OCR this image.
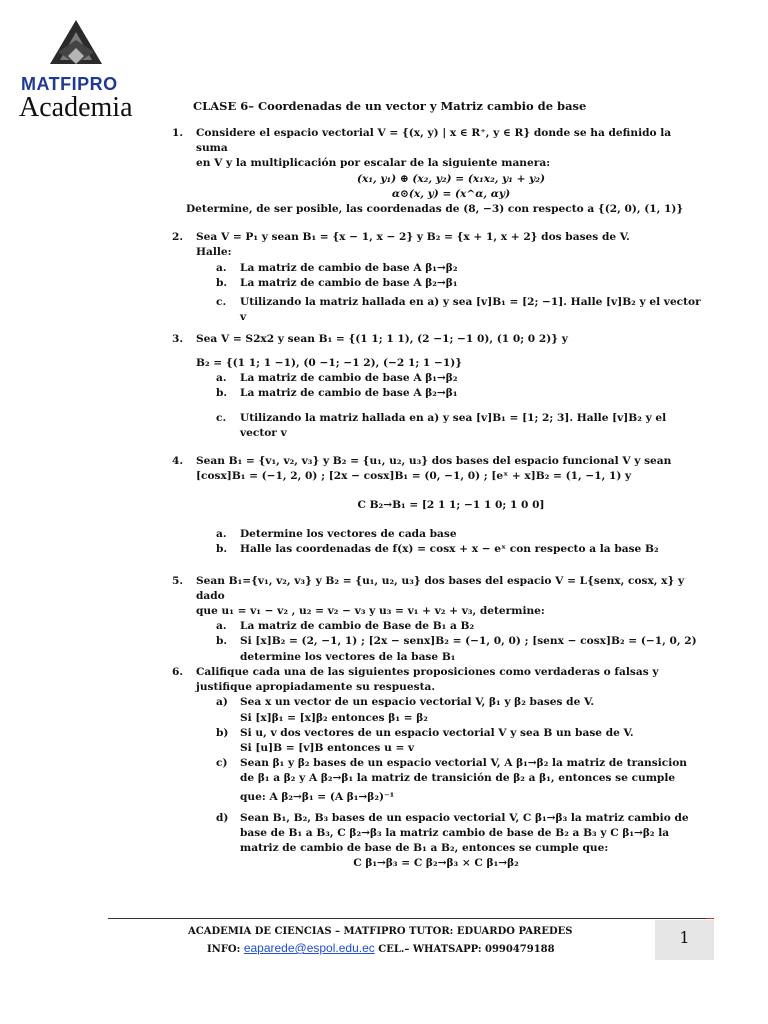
MATFIPRO
Academia	CLASE 6– Coordenadas de un vector y Matriz cambio de base
1. Considere el espacio vectorial V = {(x, y) | x ∈ R⁺, y ∈ R} donde se ha definido la suma
en V y la multiplicación por escalar de la siguiente manera:
(x₁, y₁) ⊕ (x₂, y₂) = (x₁x₂, y₁ + y₂)
α⊙(x, y) = (x^α, αy)
Determine, de ser posible, las coordenadas de (8, −3) con respecto a {(2, 0), (1, 1)}
2. Sea V = P₁ y sean B₁ = {x − 1, x − 2} y B₂ = {x + 1, x + 2} dos bases de V.
Halle:
a.	La matriz de cambio de base A β₁→β₂
b.	La matriz de cambio de base A β₂→β₁
c.	Utilizando la matriz hallada en a) y sea [v]B₁ = [2; −1]. Halle [v]B₂ y el vector v
3. Sea V = S2x2 y sean B₁ = {(1 1; 1 1), (2 −1; −1 0), (1 0; 0 2)} y
B₂ = {(1 1; 1 −1), (0 −1; −1 2), (−2 1; 1 −1)}
a.	La matriz de cambio de base A β₁→β₂
b.	La matriz de cambio de base A β₂→β₁
c.	Utilizando la matriz hallada en a) y sea [v]B₁ = [1; 2; 3]. Halle [v]B₂ y el vector v
4. Sean B₁ = {v₁, v₂, v₃} y B₂ = {u₁, u₂, u₃} dos bases del espacio funcional V y sean
[cosx]B₁ = (−1, 2, 0) ; [2x − cosx]B₁ = (0, −1, 0) ; [eˣ + x]B₂ = (1, −1, 1) y
C B₂→B₁ = [2 1 1; −1 1 0; 1 0 0]
a.	Determine los vectores de cada base
b.	Halle las coordenadas de f(x) = cosx + x − eˣ con respecto a la base B₂
5. Sean B₁={v₁, v₂, v₃} y B₂ = {u₁, u₂, u₃} dos bases del espacio V = L{senx, cosx, x} y dado
que u₁ = v₁ − v₂ , u₂ = v₂ − v₃ y u₃ = v₁ + v₂ + v₃, determine:
a.	La matriz de cambio de Base de B₁ a B₂
b.	Si [x]B₂ = (2, −1, 1) ; [2x − senx]B₂ = (−1, 0, 0) ; [senx − cosx]B₂ = (−1, 0, 2)
determine los vectores de la base B₁
6. Califique cada una de las siguientes proposiciones como verdaderas o falsas y
justifique apropiadamente su respuesta.
a)	Sea x un vector de un espacio vectorial V, β₁ y β₂ bases de V.
Si [x]β₁ = [x]β₂ entonces β₁ = β₂
b)	Si u, v dos vectores de un espacio vectorial V y sea B un base de V.
Si [u]B = [v]B entonces u = v
c)	Sean β₁ y β₂ bases de un espacio vectorial V, A β₁→β₂ la matriz de transicion
de β₁ a β₂ y A β₂→β₁ la matriz de transición de β₂ a β₁, entonces se cumple
que: A β₂→β₁ = (A β₁→β₂)⁻¹
d)	Sean B₁, B₂, B₃ bases de un espacio vectorial V, C β₁→β₃ la matriz cambio de
base de B₁ a B₃, C β₂→β₃ la matriz cambio de base de B₂ a B₃ y C β₁→β₂ la
matriz de cambio de base de B₁ a B₂, entonces se cumple que:
C β₁→β₃ = C β₂→β₃ × C β₁→β₂
ACADEMIA DE CIENCIAS – MATFIPRO TUTOR: EDUARDO PAREDES
INFO: eaparede@espol.edu.ec CEL.– WHATSAPP: 0990479188
1
